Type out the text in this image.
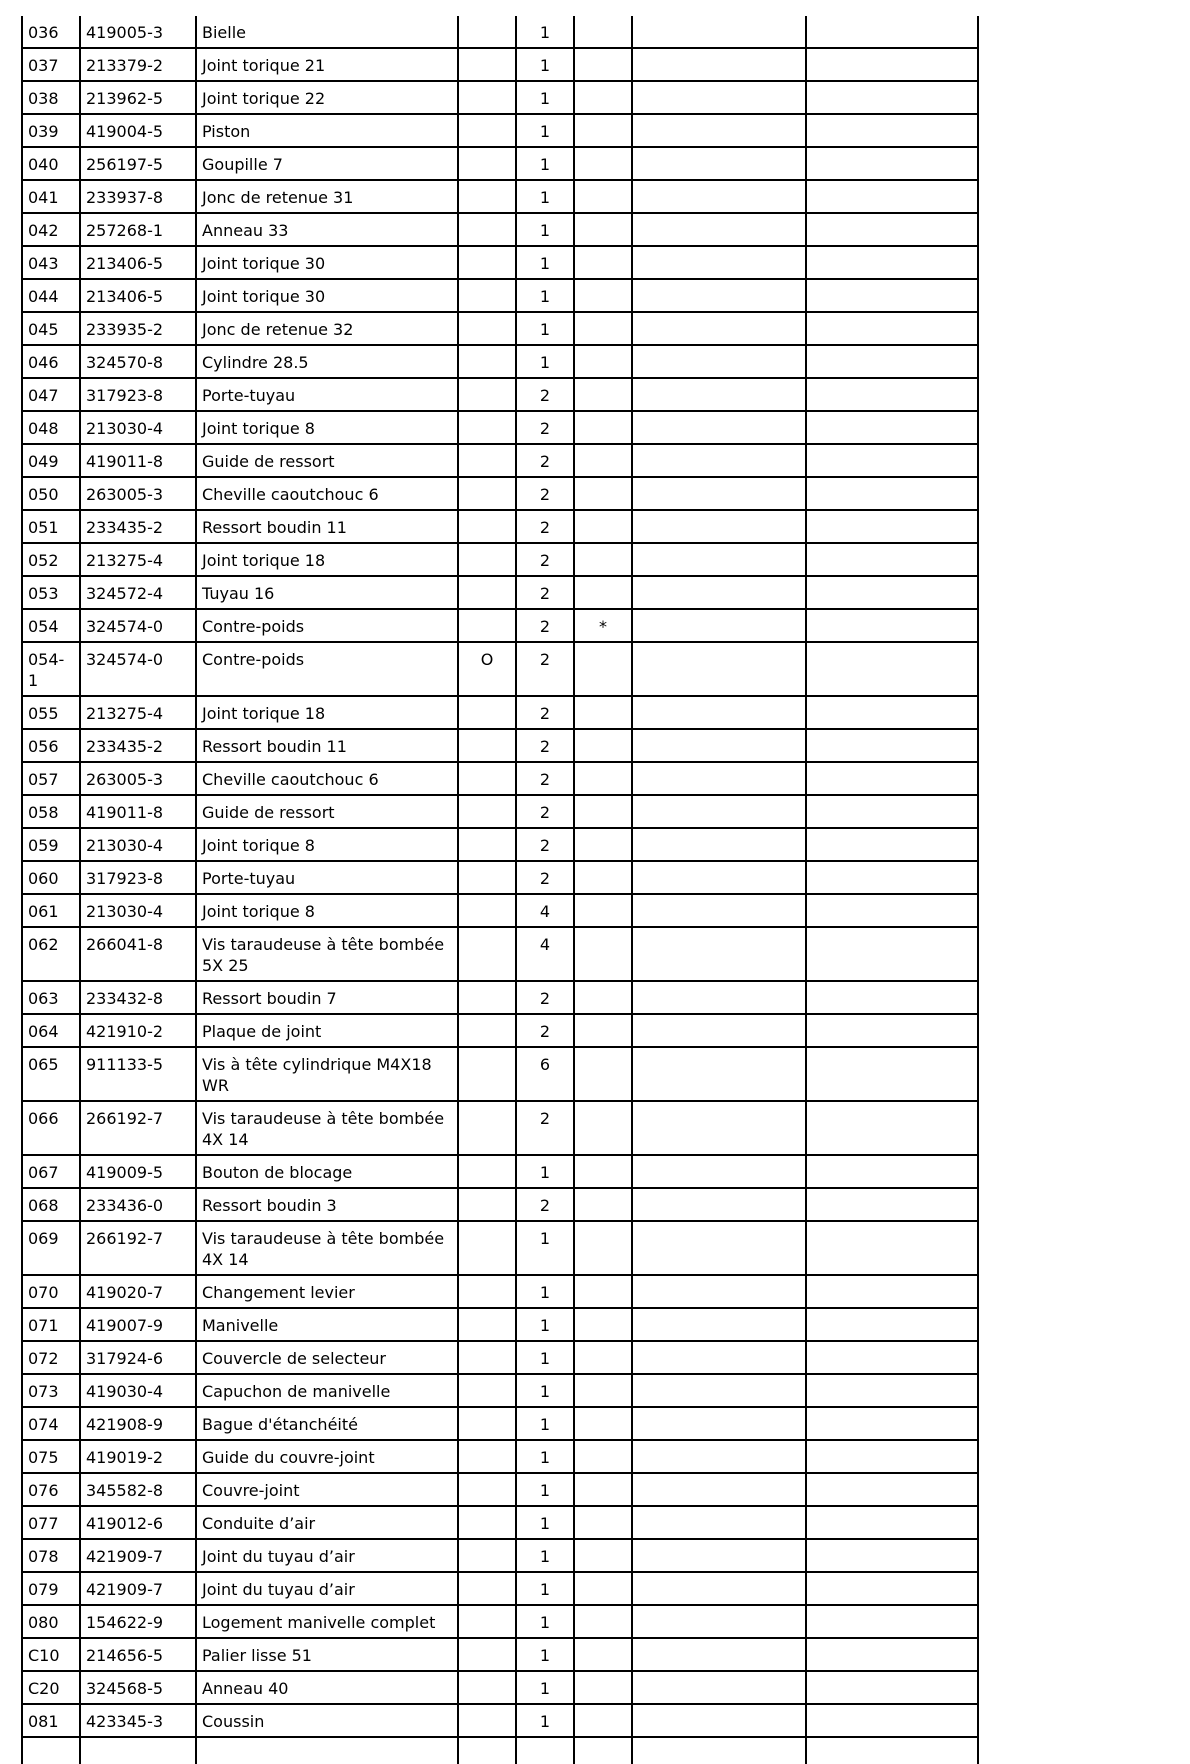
036	419005-3	Bielle		1			
037	213379-2	Joint torique 21		1			
038	213962-5	Joint torique 22		1			
039	419004-5	Piston		1			
040	256197-5	Goupille 7		1			
041	233937-8	Jonc de retenue 31		1			
042	257268-1	Anneau 33		1			
043	213406-5	Joint torique 30		1			
044	213406-5	Joint torique 30		1			
045	233935-2	Jonc de retenue 32		1			
046	324570-8	Cylindre 28.5		1			
047	317923-8	Porte-tuyau		2			
048	213030-4	Joint torique 8		2			
049	419011-8	Guide de ressort		2			
050	263005-3	Cheville caoutchouc 6		2			
051	233435-2	Ressort boudin 11		2			
052	213275-4	Joint torique 18		2			
053	324572-4	Tuyau 16		2			
054	324574-0	Contre-poids		2	*		
054-1	324574-0	Contre-poids	O	2			
055	213275-4	Joint torique 18		2			
056	233435-2	Ressort boudin 11		2			
057	263005-3	Cheville caoutchouc 6		2			
058	419011-8	Guide de ressort		2			
059	213030-4	Joint torique 8		2			
060	317923-8	Porte-tuyau		2			
061	213030-4	Joint torique 8		4			
062	266041-8	Vis taraudeuse à tête bombée 5X 25		4			
063	233432-8	Ressort boudin 7		2			
064	421910-2	Plaque de joint		2			
065	911133-5	Vis à tête cylindrique M4X18 WR		6			
066	266192-7	Vis taraudeuse à tête bombée 4X 14		2			
067	419009-5	Bouton de blocage		1			
068	233436-0	Ressort boudin 3		2			
069	266192-7	Vis taraudeuse à tête bombée 4X 14		1			
070	419020-7	Changement levier		1			
071	419007-9	Manivelle		1			
072	317924-6	Couvercle de selecteur		1			
073	419030-4	Capuchon de manivelle		1			
074	421908-9	Bague d'étanchéité		1			
075	419019-2	Guide du couvre-joint		1			
076	345582-8	Couvre-joint		1			
077	419012-6	Conduite d’air		1			
078	421909-7	Joint du tuyau d’air		1			
079	421909-7	Joint du tuyau d’air		1			
080	154622-9	Logement manivelle complet		1			
C10	214656-5	Palier lisse 51		1			
C20	324568-5	Anneau 40		1			
081	423345-3	Coussin		1			
